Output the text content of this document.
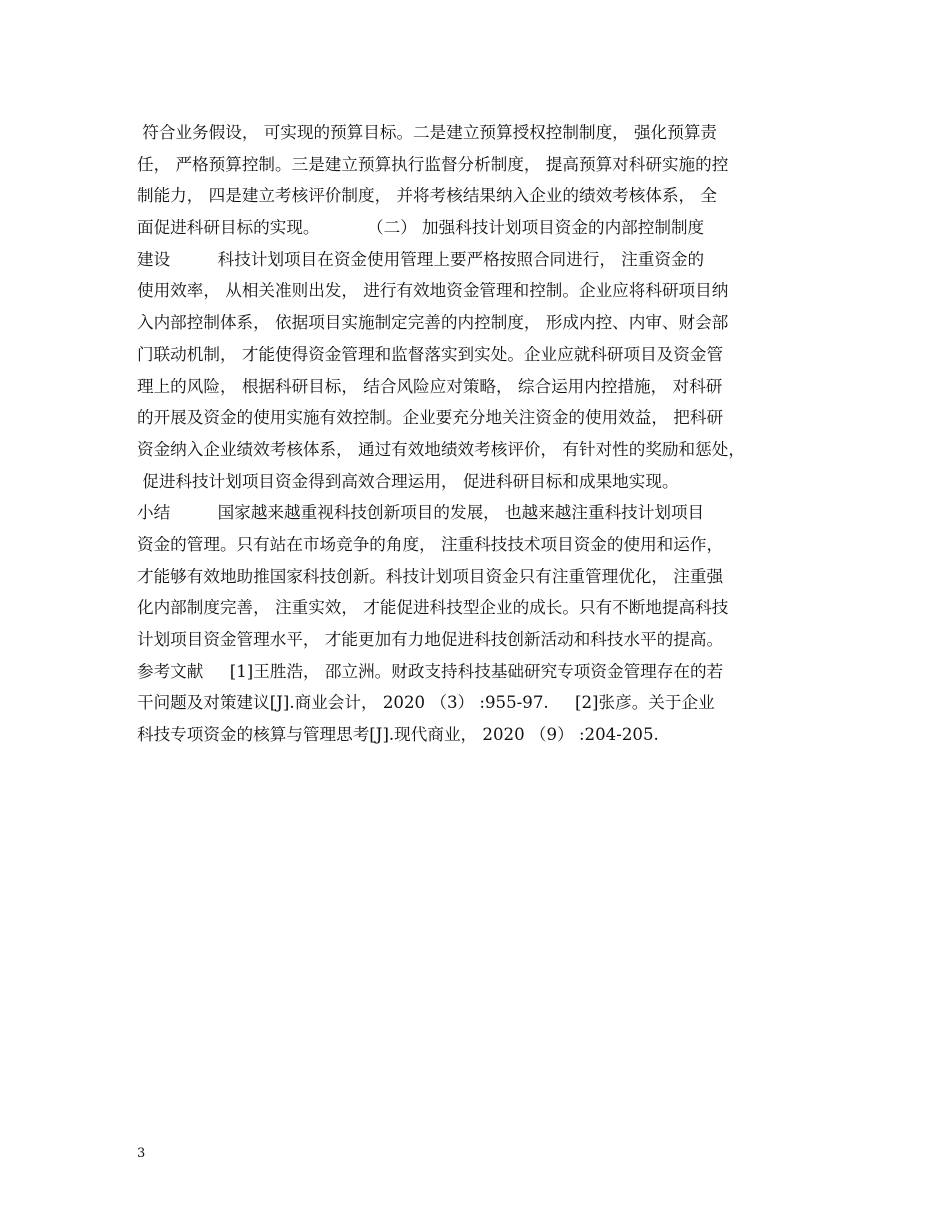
符合业务假设， 可实现的预算目标。二是建立预算授权控制制度， 强化预算责
任， 严格预算控制。三是建立预算执行监督分析制度， 提高预算对科研实施的控
制能力， 四是建立考核评价制度， 并将考核结果纳入企业的绩效考核体系， 全
面促进科研目标的实现。         （二） 加强科技计划项目资金的内部控制制度
建设         科技计划项目在资金使用管理上要严格按照合同进行， 注重资金的
使用效率， 从相关准则出发， 进行有效地资金管理和控制。企业应将科研项目纳
入内部控制体系， 依据项目实施制定完善的内控制度， 形成内控、内审、财会部
门联动机制， 才能使得资金管理和监督落实到实处。企业应就科研项目及资金管
理上的风险， 根据科研目标， 结合风险应对策略， 综合运用内控措施， 对科研
的开展及资金的使用实施有效控制。企业要充分地关注资金的使用效益， 把科研
资金纳入企业绩效考核体系， 通过有效地绩效考核评价， 有针对性的奖励和惩处，
促进科技计划项目资金得到高效合理运用， 促进科研目标和成果地实现。
小结         国家越来越重视科技创新项目的发展， 也越来越注重科技计划项目
资金的管理。只有站在市场竞争的角度， 注重科技技术项目资金的使用和运作，
才能够有效地助推国家科技创新。科技计划项目资金只有注重管理优化， 注重强
化内部制度完善， 注重实效， 才能促进科技型企业的成长。只有不断地提高科技
计划项目资金管理水平， 才能更加有力地促进科技创新活动和科技水平的提高。
参考文献     [1]王胜浩， 邵立洲。财政支持科技基础研究专项资金管理存在的若
干问题及对策建议[J].商业会计， 2020 （3） :955-97.     [2]张彦。关于企业
科技专项资金的核算与管理思考[J].现代商业， 2020 （9） :204-205.
3
